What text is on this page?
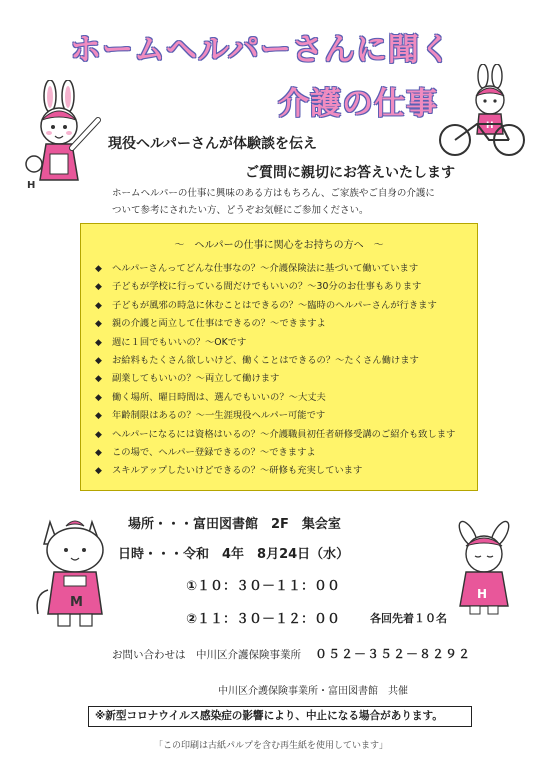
ホームヘルパーさんに聞く
介護の仕事
H
H
現役ヘルパーさんが体験談を伝え
ご質問に親切にお答えいたします
ホームヘルパーの仕事に興味のある方はもちろん、ご家族やご自身の介護について参考にされたい方、どうぞお気軽にご参加ください。
～　ヘルパーの仕事に関心をお持ちの方へ　～
◆	ヘルパーさんってどんな仕事なの？～介護保険法に基づいて働いています
◆	子どもが学校に行っている間だけでもいいの？～30分のお仕事もあります
◆	子どもが風邪の時急に休むことはできるの？～臨時のヘルパーさんが行きます
◆	親の介護と両立して仕事はできるの？～できますよ
◆	週に１回でもいいの？～OKです
◆	お給料もたくさん欲しいけど、働くことはできるの？～たくさん働けます
◆	副業してもいいの？～両立して働けます
◆	働く場所、曜日時間は、選んでもいいの？～大丈夫
◆	年齢制限はあるの？～一生涯現役ヘルパー可能です
◆	ヘルパーになるには資格はいるの？～介護職員初任者研修受講のご紹介も致します
◆	この場で、ヘルパー登録できるの？～できますよ
◆	スキルアップしたいけどできるの？～研修も充実しています
M
H
場所・・・富田図書館　2F　集会室
日時・・・令和　4年　8月24日（水）
①１０：３０－１１：００
②１１：３０－１２：００	各回先着１０名
お問い合わせは　中川区介護保険事業所 ０５２－３５２－８２９２
中川区介護保険事業所・富田図書館　共催
※新型コロナウイルス感染症の影響により、中止になる場合があります。
「この印刷は古紙パルプを含む再生紙を使用しています」
